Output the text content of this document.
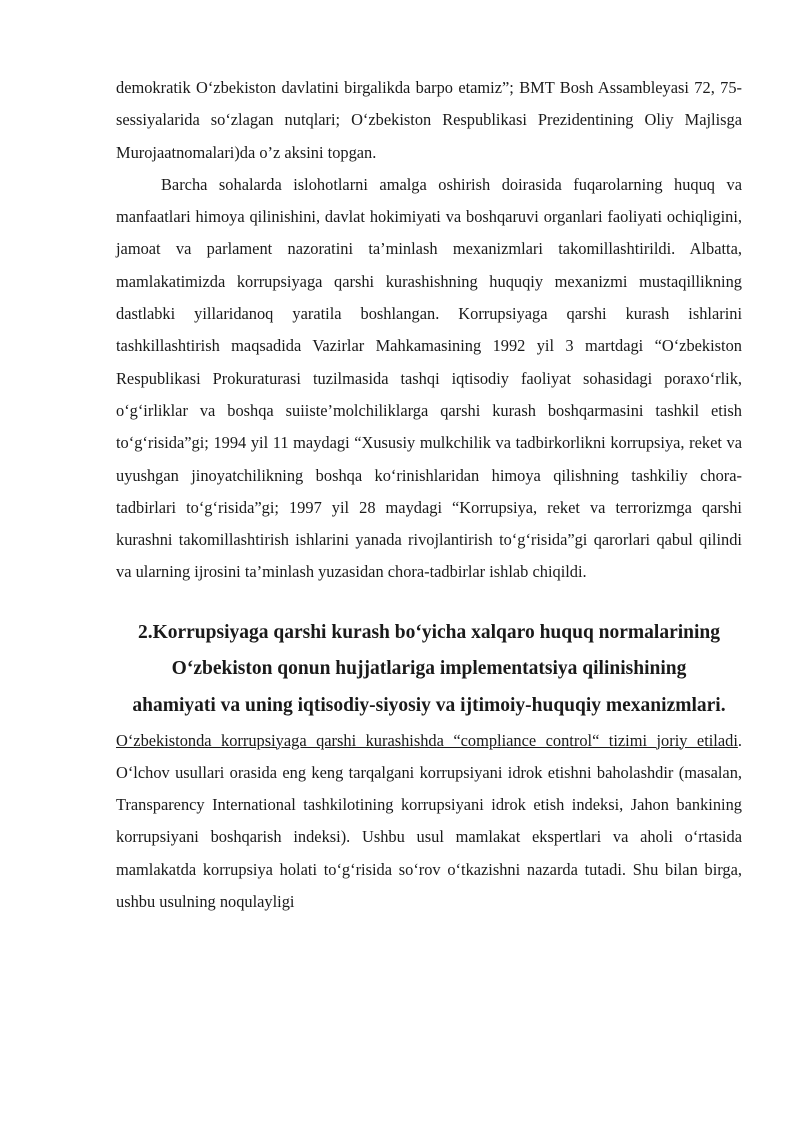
demokratik O‘zbekiston davlatini birgalikda barpo etamiz”; BMT Bosh Assambleyasi 72, 75-sessiyalarida so‘zlagan nutqlari; O‘zbekiston Respublikasi Prezidentining Oliy Majlisga Murojaatnomalari)da o’z aksini topgan.

Barcha sohalarda islohotlarni amalga oshirish doirasida fuqarolarning huquq va manfaatlari himoya qilinishini, davlat hokimiyati va boshqaruvi organlari faoliyati ochiqligini, jamoat va parlament nazoratini ta’minlash mexanizmlari takomillashtirildi. Albatta, mamlakatimizda korrupsiyaga qarshi kurashishning huquqiy mexanizmi mustaqillikning dastlabki yillaridanoq yaratila boshlangan. Korrupsiyaga qarshi kurash ishlarini tashkillashtirish maqsadida Vazirlar Mahkamasining 1992 yil 3 martdagi “O‘zbekiston Respublikasi Prokuraturasi tuzilmasida tashqi iqtisodiy faoliyat sohasidagi poraxo‘rlik, o‘g‘irliklar va boshqa suiiste’molchiliklarga qarshi kurash boshqarmasini tashkil etish to‘g‘risida”gi; 1994 yil 11 maydagi “Xususiy mulkchilik va tadbirkorlikni korrupsiya, reket va uyushgan jinoyatchilikning boshqa ko‘rinishlaridan himoya qilishning tashkiliy chora-tadbirlari to‘g‘risida”gi; 1997 yil 28 maydagi “Korrupsiya, reket va terrorizmga qarshi kurashni takomillashtirish ishlarini yanada rivojlantirish to‘g‘risida”gi qarorlari qabul qilindi va ularning ijrosini ta’minlash yuzasidan chora-tadbirlar ishlab chiqildi.

2.Korrupsiyaga qarshi kurash bo‘yicha xalqaro huquq normalarining O‘zbekiston qonun hujjatlariga implementatsiya qilinishining ahamiyati va uning iqtisodiy-siyosiy va ijtimoiy-huquqiy mexanizmlari.

O‘zbekistonda korrupsiyaga qarshi kurashishda “compliance control“ tizimi joriy etiladi. O‘lchov usullari orasida eng keng tarqalgani korrupsiyani idrok etishni baholashdir (masalan, Transparency International tashkilotining korrupsiyani idrok etish indeksi, Jahon bankining korrupsiyani boshqarish indeksi). Ushbu usul mamlakat ekspertlari va aholi o‘rtasida mamlakatda korrupsiya holati to‘g‘risida so‘rov o‘tkazishni nazarda tutadi. Shu bilan birga, ushbu usulning noqulayligi
